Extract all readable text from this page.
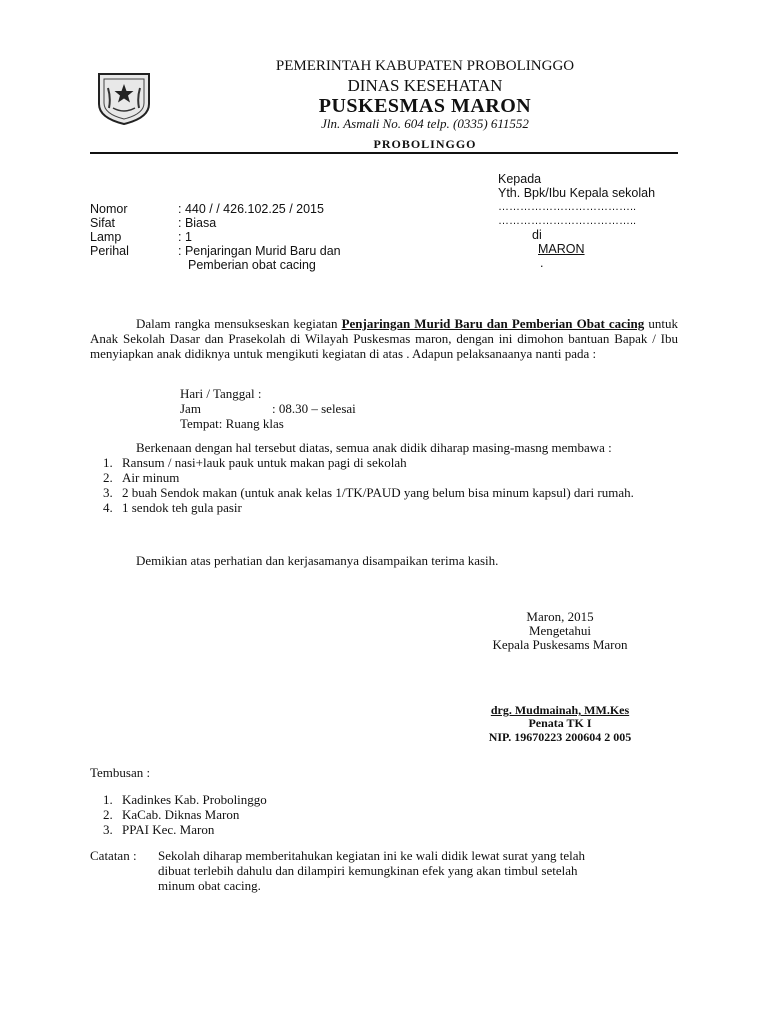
PEMERINTAH KABUPATEN PROBOLINGGO
DINAS KESEHATAN
PUSKESMAS MARON
Jln. Asmali No. 604 telp. (0335) 611552
PROBOLINGGO
Kepada
Yth. Bpk/Ibu Kepala sekolah
………………………………..
………………………………..
di
MARON
.
Nomor	: 440 / / 426.102.25 / 2015
Sifat	: Biasa
Lamp	: 1
Perihal	: Penjaringan Murid Baru dan
Pemberian obat cacing
Dalam rangka mensukseskan kegiatan Penjaringan Murid Baru dan Pemberian Obat cacing untuk Anak Sekolah Dasar dan Prasekolah di Wilayah Puskesmas maron, dengan ini dimohon bantuan Bapak / Ibu menyiapkan anak didiknya untuk mengikuti kegiatan di atas . Adapun pelaksanaanya nanti pada :
Hari / Tanggal :
Jam	: 08.30 – selesai
Tempat: Ruang klas
Berkenaan dengan hal tersebut diatas, semua anak didik diharap masing-masng membawa :
1. Ransum / nasi+lauk pauk untuk makan pagi di sekolah
2. Air minum
3. 2 buah Sendok makan (untuk anak kelas 1/TK/PAUD yang belum bisa minum kapsul) dari rumah.
4. 1 sendok teh gula pasir
Demikian atas perhatian dan kerjasamanya disampaikan terima kasih.
Maron, 2015
Mengetahui
Kepala Puskesams Maron
drg. Mudmainah, MM.Kes
Penata TK I
NIP. 19670223 200604 2 005
Tembusan :
1. Kadinkes Kab. Probolinggo
2. KaCab. Diknas Maron
3. PPAI Kec. Maron
Catatan :	Sekolah diharap memberitahukan kegiatan ini ke wali didik lewat surat yang telah
dibuat terlebih dahulu dan dilampiri kemungkinan efek yang akan timbul setelah
minum obat cacing.
